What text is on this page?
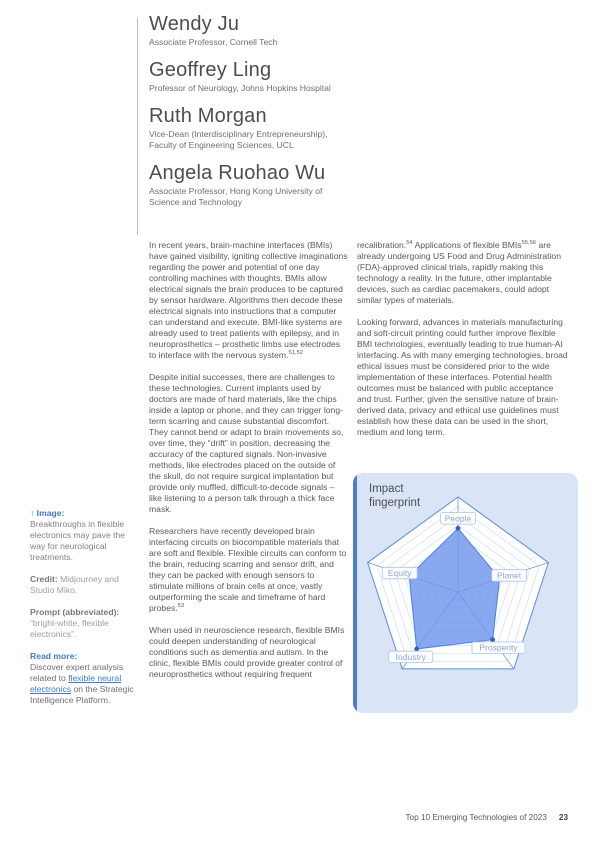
Wendy Ju
Associate Professor, Cornell Tech
Geoffrey Ling
Professor of Neurology, Johns Hopkins Hospital
Ruth Morgan
Vice-Dean (Interdisciplinary Entrepreneurship), Faculty of Engineering Sciences, UCL
Angela Ruohao Wu
Associate Professor, Hong Kong University of Science and Technology

In recent years, brain-machine interfaces (BMIs) have gained visibility, igniting collective imaginations regarding the power and potential of one day controlling machines with thoughts. BMIs allow electrical signals the brain produces to be captured by sensor hardware. Algorithms then decode these electrical signals into instructions that a computer can understand and execute. BMI-like systems are already used to treat patients with epilepsy, and in neuroprosthetics – prosthetic limbs use electrodes to interface with the nervous system.$^{51,52}$

Despite initial successes, there are challenges to these technologies. Current implants used by doctors are made of hard materials, like the chips inside a laptop or phone, and they can trigger long-term scarring and cause substantial discomfort. They cannot bend or adapt to brain movements so, over time, they “drift” in position, decreasing the accuracy of the captured signals. Non-invasive methods, like electrodes placed on the outside of the skull, do not require surgical implantation but provide only muffled, difficult-to-decode signals – like listening to a person talk through a thick face mask.

Researchers have recently developed brain interfacing circuits on biocompatible materials that are soft and flexible. Flexible circuits can conform to the brain, reducing scarring and sensor drift, and they can be packed with enough sensors to stimulate millions of brain cells at once, vastly outperforming the scale and timeframe of hard probes.$^{53}$

When used in neuroscience research, flexible BMIs could deepen understanding of neurological conditions such as dementia and autism. In the clinic, flexible BMIs could provide greater control of neuroprosthetics without requiring frequent

recalibration.$^{54}$ Applications of flexible BMIs$^{55,56}$ are already undergoing US Food and Drug Administration (FDA)-approved clinical trials, rapidly making this technology a reality. In the future, other implantable devices, such as cardiac pacemakers, could adopt similar types of materials.

Looking forward, advances in materials manufacturing and soft-circuit printing could further improve flexible BMI technologies, eventually leading to true human-AI interfacing. As with many emerging technologies, broad ethical issues must be considered prior to the wide implementation of these interfaces. Potential health outcomes must be balanced with public acceptance and trust. Further, given the sensitive nature of brain-derived data, privacy and ethical use guidelines must establish how these data can be used in the short, medium and long term.

↑ Image:
Breakthroughs in flexible electronics may pave the way for neurological treatments.

Credit: Midjourney and Studio Miko.

Prompt (abbreviated):
“bright-white, flexible electronics”.

Read more:
Discover expert analysis related to flexible neural electronics on the Strategic Intelligence Platform.

Impact fingerprint
People
Planet
Prosperity
Industry
Equity
Top 10 Emerging Technologies of 2023 23
